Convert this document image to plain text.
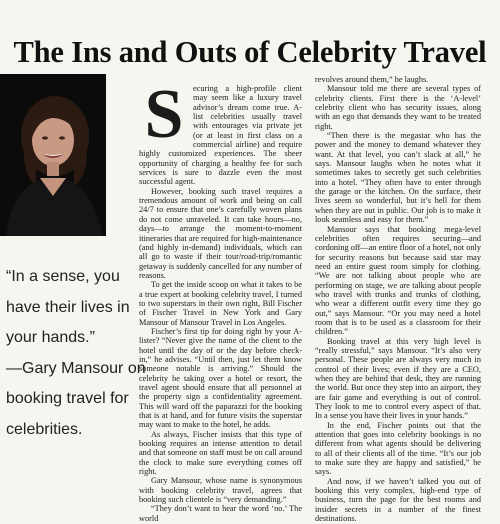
The Ins and Outs of Celebrity Travel
“In a sense, you
have their lives in
your hands.”
—Gary Mansour on
booking travel for
celebrities.

S	ecuring a high-profile client may seem like a luxury travel advisor’s dream come true. A-list celebrities usually travel with entourages via private jet (or at least in first class on a commercial airline) and require highly customized experiences. The sheer opportunity of charging a healthy fee for such services is sure to dazzle even the most successful agent.

However, booking such travel requires a tremendous amount of work and being on call 24/7 to ensure that one’s carefully woven plans do not come unraveled. It can take hours—no, days—to arrange the moment-to-moment itineraries that are required for high-maintenance (and highly in-demand) individuals, which can all go to waste if their tour/road-trip/romantic getaway is suddenly cancelled for any number of reasons.

To get the inside scoop on what it takes to be a true expert at booking celebrity travel, I turned to two superstars in their own right, Bill Fischer of Fischer Travel in New York and Gary Mansour of Mansour Travel in Los Angeles.

Fischer’s first tip for doing right by your A-lister? “Never give the name of the client to the hotel until the day of or the day before check-in,” he advises. “Until then, just let them know someone notable is arriving.” Should the celebrity be taking over a hotel or resort, the travel agent should ensure that all personnel at the property sign a confidentiality agreement. This will ward off the paparazzi for the booking that is at hand, and for future visits the superstar may want to make to the hotel, he adds.

As always, Fischer insists that this type of booking requires an intense attention to detail and that someone on staff must be on call around the clock to make sure everything comes off right.

Gary Mansour, whose name is synonymous with booking celebrity travel, agrees that booking such clientele is “very demanding.”

“They don’t want to hear the word ‘no.’ The world

revolves around them,” he laughs.

Mansour told me there are several types of celebrity clients. First there is the ‘A-level’ celebrity client who has security issues, along with an ego that demands they want to be treated right.

“Then there is the megastar who has the power and the money to demand whatever they want. At that level, you can’t slack at all,” he says. Mansour laughs when he notes what it sometimes takes to secretly get such celebrities into a hotel. “They often have to enter through the garage or the kitchen. On the surface, their lives seem so wonderful, but it’s hell for them when they are out in public. Our job is to make it look seamless and easy for them.”

Mansour says that booking mega-level celebrities often requires securing—and cordoning off—an entire floor of a hotel, not only for security reasons but because said star may need an entire guest room simply for clothing. “We are not talking about people who are performing on stage, we are talking about people who travel with trunks and trunks of clothing, who wear a different outfit every time they go out,” says Mansour. “Or you may need a hotel room that is to be used as a classroom for their children.”

Booking travel at this very high level is “really stressful,” says Mansour. “It’s also very personal. These people are always very much in control of their lives; even if they are a CEO, when they are behind that desk, they are running the world. But once they step into an airport, they are fair game and everything is out of control. They look to me to control every aspect of that. In a sense you have their lives in your hands.”

In the end, Fischer points out that the attention that goes into celebrity bookings is no different from what agents should be delivering to all of their clients all of the time. “It’s our job to make sure they are happy and satisfied,” he says.

And now, if we haven’t talked you out of booking this very complex, high-end type of business, turn the page for the best rooms and insider secrets in a number of the finest destinations.
